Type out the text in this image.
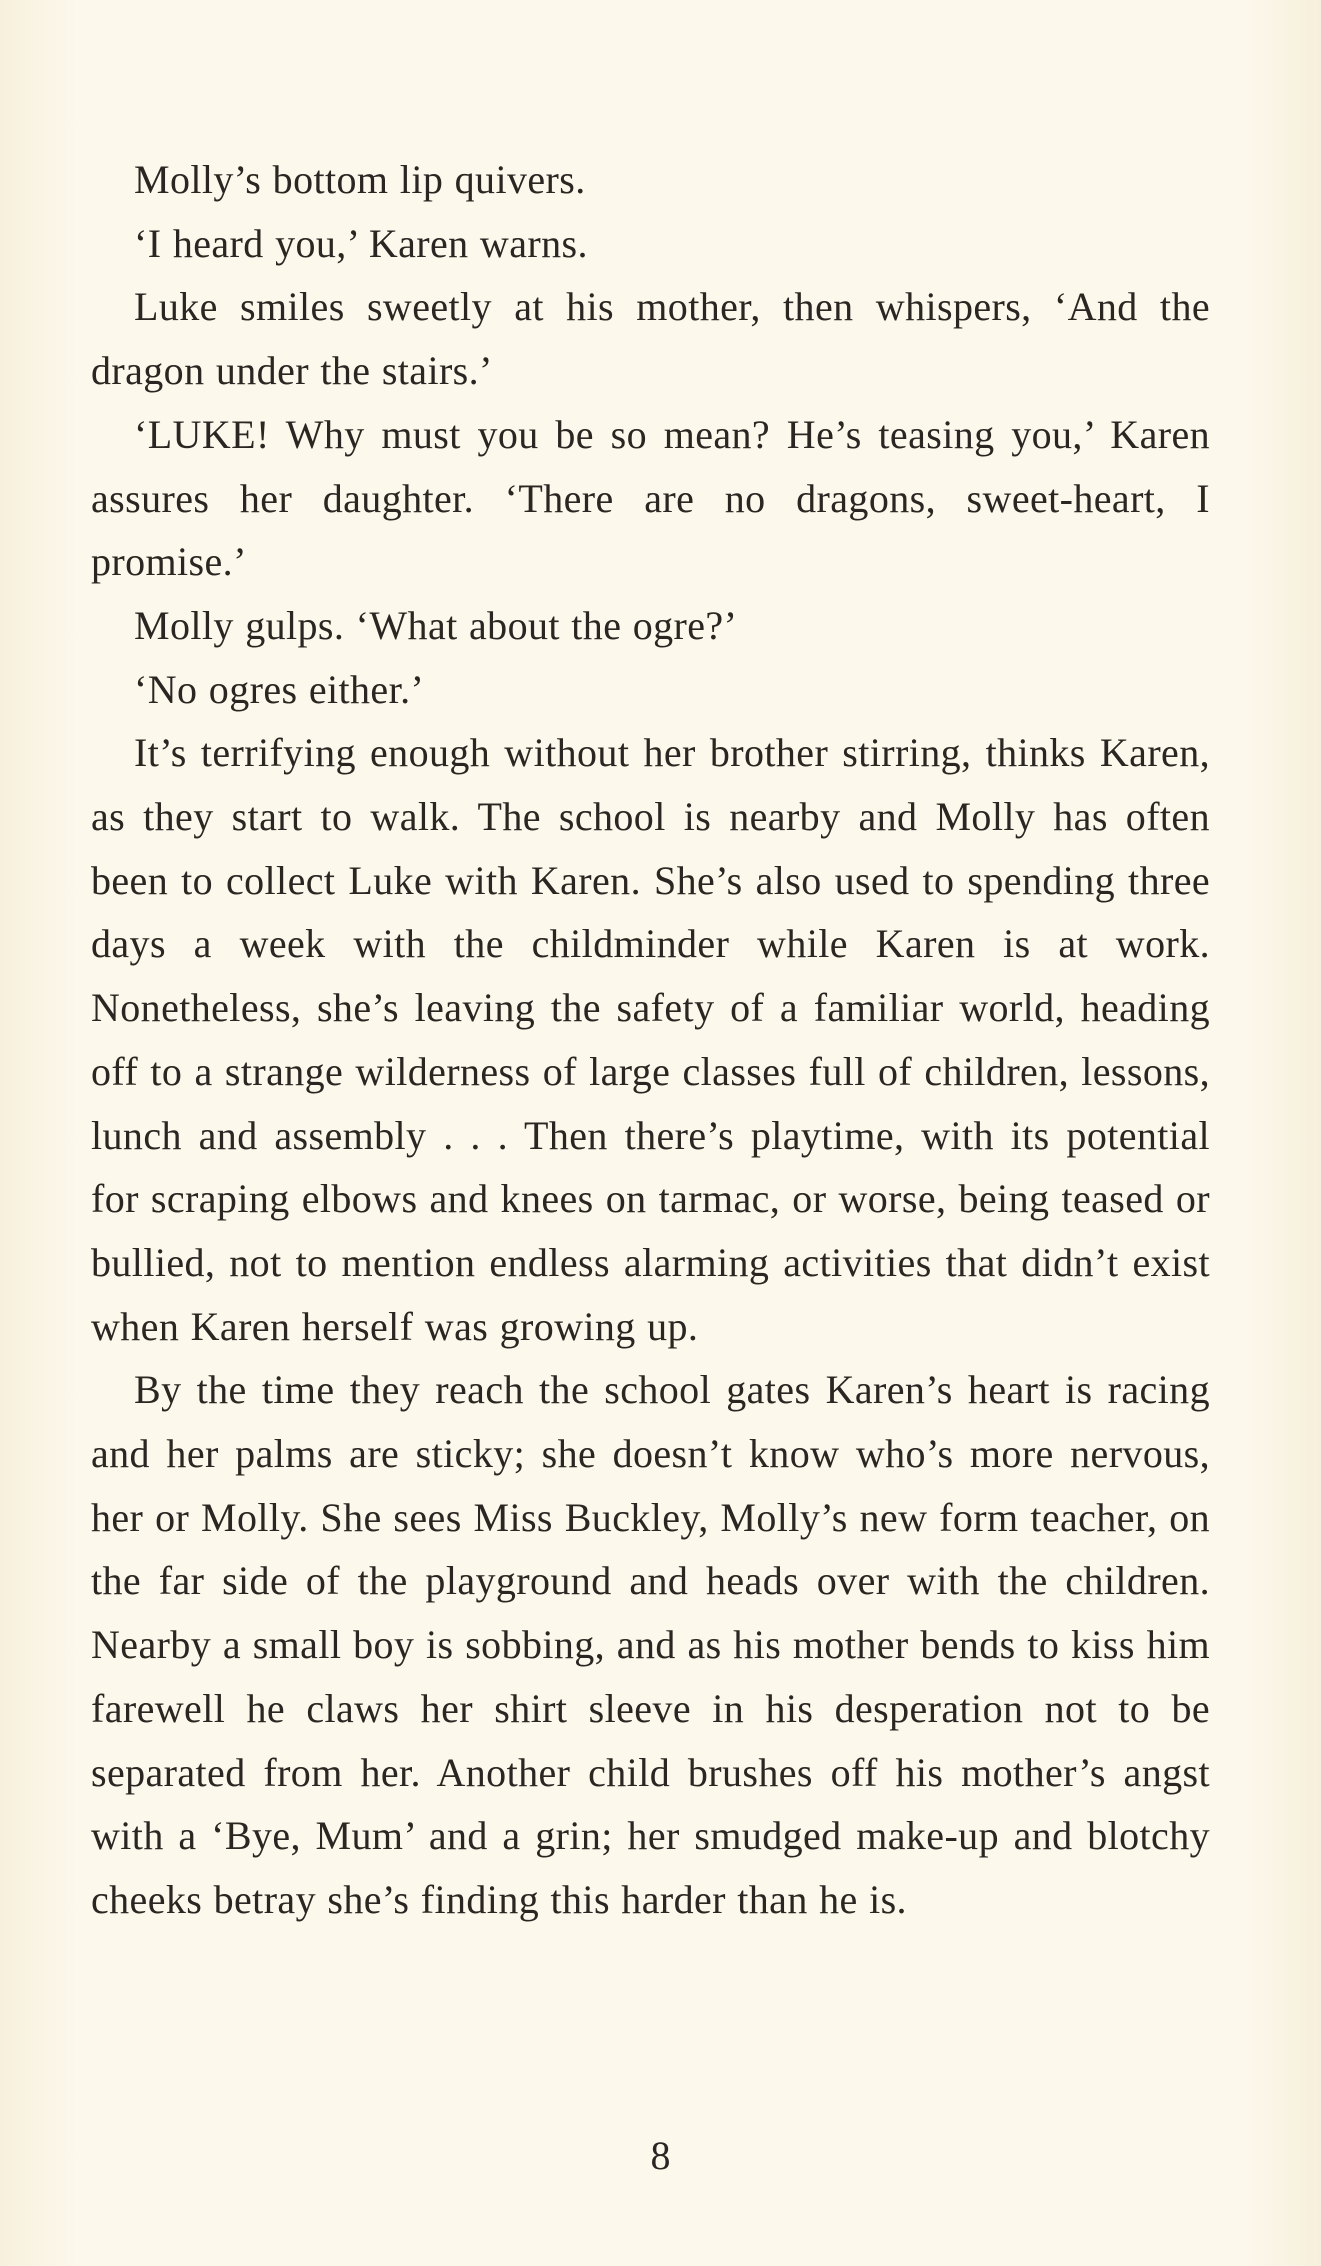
Molly’s bottom lip quivers.

‘I heard you,’ Karen warns.

Luke smiles sweetly at his mother, then whispers, ‘And the dragon under the stairs.’

‘LUKE! Why must you be so mean? He’s teasing you,’ Karen assures her daughter. ‘There are no dragons, sweet-heart, I promise.’

Molly gulps. ‘What about the ogre?’

‘No ogres either.’

It’s terrifying enough without her brother stirring, thinks Karen, as they start to walk. The school is nearby and Molly has often been to collect Luke with Karen. She’s also used to spending three days a week with the childminder while Karen is at work. Nonetheless, she’s leaving the safety of a familiar world, heading off to a strange wilderness of large classes full of children, lessons, lunch and assembly . . . Then there’s playtime, with its potential for scraping elbows and knees on tarmac, or worse, being teased or bullied, not to mention endless alarming activities that didn’t exist when Karen herself was growing up.

By the time they reach the school gates Karen’s heart is racing and her palms are sticky; she doesn’t know who’s more nervous, her or Molly. She sees Miss Buckley, Molly’s new form teacher, on the far side of the playground and heads over with the children. Nearby a small boy is sobbing, and as his mother bends to kiss him farewell he claws her shirt sleeve in his desperation not to be separated from her. Another child brushes off his mother’s angst with a ‘Bye, Mum’ and a grin; her smudged make-up and blotchy cheeks betray she’s finding this harder than he is.

8
